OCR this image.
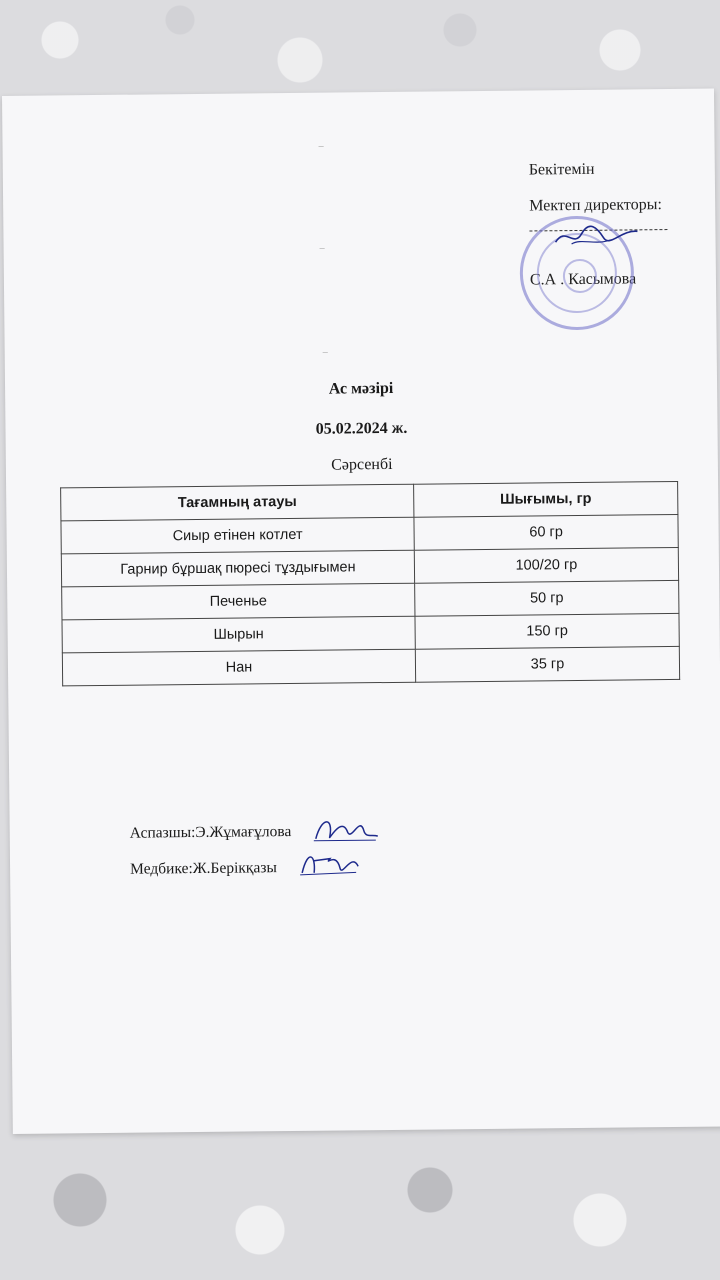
–
–
–
Бекітемін
Мектеп директоры:
С.А . Касымова
Ас мәзірі
05.02.2024 ж.
Сәрсенбі
Тағамның атауы	Шығымы, гр
Сиыр етінен котлет	60 гр
Гарнир бұршақ пюресі тұздығымен	100/20 гр
Печенье	50 гр
Шырын	150 гр
Нан	35 гр
Аспазшы:Э.Жұмағұлова
Медбике:Ж.Берікқазы
